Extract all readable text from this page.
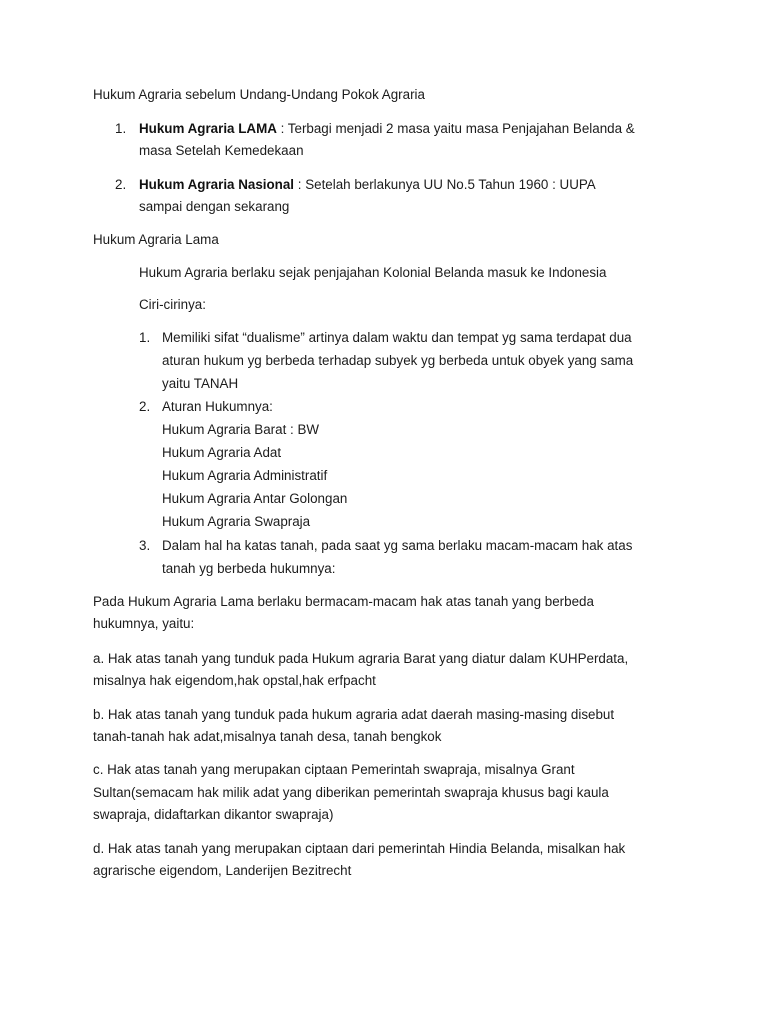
Hukum Agraria sebelum Undang-Undang Pokok Agraria
1. Hukum Agraria LAMA : Terbagi menjadi 2 masa yaitu masa Penjajahan Belanda &
masa Setelah Kemedekaan
2. Hukum Agraria Nasional : Setelah berlakunya UU No.5 Tahun 1960 : UUPA
sampai dengan sekarang
Hukum Agraria Lama
Hukum Agraria berlaku sejak penjajahan Kolonial Belanda masuk ke Indonesia
Ciri-cirinya:
1. Memiliki sifat “dualisme” artinya dalam waktu dan tempat yg sama terdapat dua
aturan hukum yg berbeda terhadap subyek yg berbeda untuk obyek yang sama
yaitu TANAH
2. Aturan Hukumnya:
Hukum Agraria Barat : BW
Hukum Agraria Adat
Hukum Agraria Administratif
Hukum Agraria Antar Golongan
Hukum Agraria Swapraja
3. Dalam hal ha katas tanah, pada saat yg sama berlaku macam-macam hak atas
tanah yg berbeda hukumnya:
Pada Hukum Agraria Lama berlaku bermacam-macam hak atas tanah yang berbeda
hukumnya, yaitu:
a. Hak atas tanah yang tunduk pada Hukum agraria Barat yang diatur dalam KUHPerdata,
misalnya hak eigendom,hak opstal,hak erfpacht
b. Hak atas tanah yang tunduk pada hukum agraria adat daerah masing-masing disebut
tanah-tanah hak adat,misalnya tanah desa, tanah bengkok
c. Hak atas tanah yang merupakan ciptaan Pemerintah swapraja, misalnya Grant
Sultan(semacam hak milik adat yang diberikan pemerintah swapraja khusus bagi kaula
swapraja, didaftarkan dikantor swapraja)
d. Hak atas tanah yang merupakan ciptaan dari pemerintah Hindia Belanda, misalkan hak
agrarische eigendom, Landerijen Bezitrecht
